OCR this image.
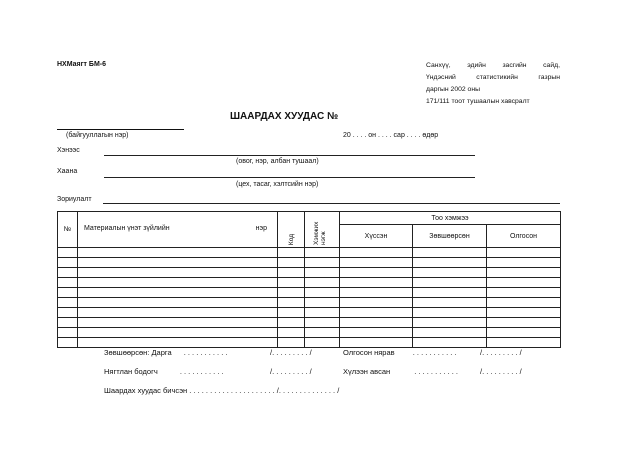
НХМаягт БМ-6	Санхүү, эдийн засгийн сайд,
Үндэсний статистикийн газрын
даргын 2002 оны
171/111 тоот тушаалын хавсралт
ШААРДАХ ХУУДАС №
(байгууллагын нэр)	20 . . . . он . . . . сар . . . . өдөр
Хэнээс
(овог, нэр, албан тушаал)
Хаана
(цех, тасаг, хэлтсийн нэр)
Зориулалт
№	Материалын үнэт зүйлийн нэр	Код	Хэмжих нэгж	Тоо хэмжээ		
				Хүссэн	Зөвшөөрсөн	Олгосон

Зөвшөөрсөн: Дарга . . . . . . . . . . .	/. . . . . . . . . /	Олгосон нярав . . . . . . . . . . .	/. . . . . . . . . /
Нягтлан бодогч	. . . . . . . . . . .	/. . . . . . . . . /	Хүлээн авсан	. . . . . . . . . . .	/. . . . . . . . . /
Шаардах хуудас бичсэн . . . . . . . . . . . . . . . . . . . . . /. . . . . . . . . . . . . . /
